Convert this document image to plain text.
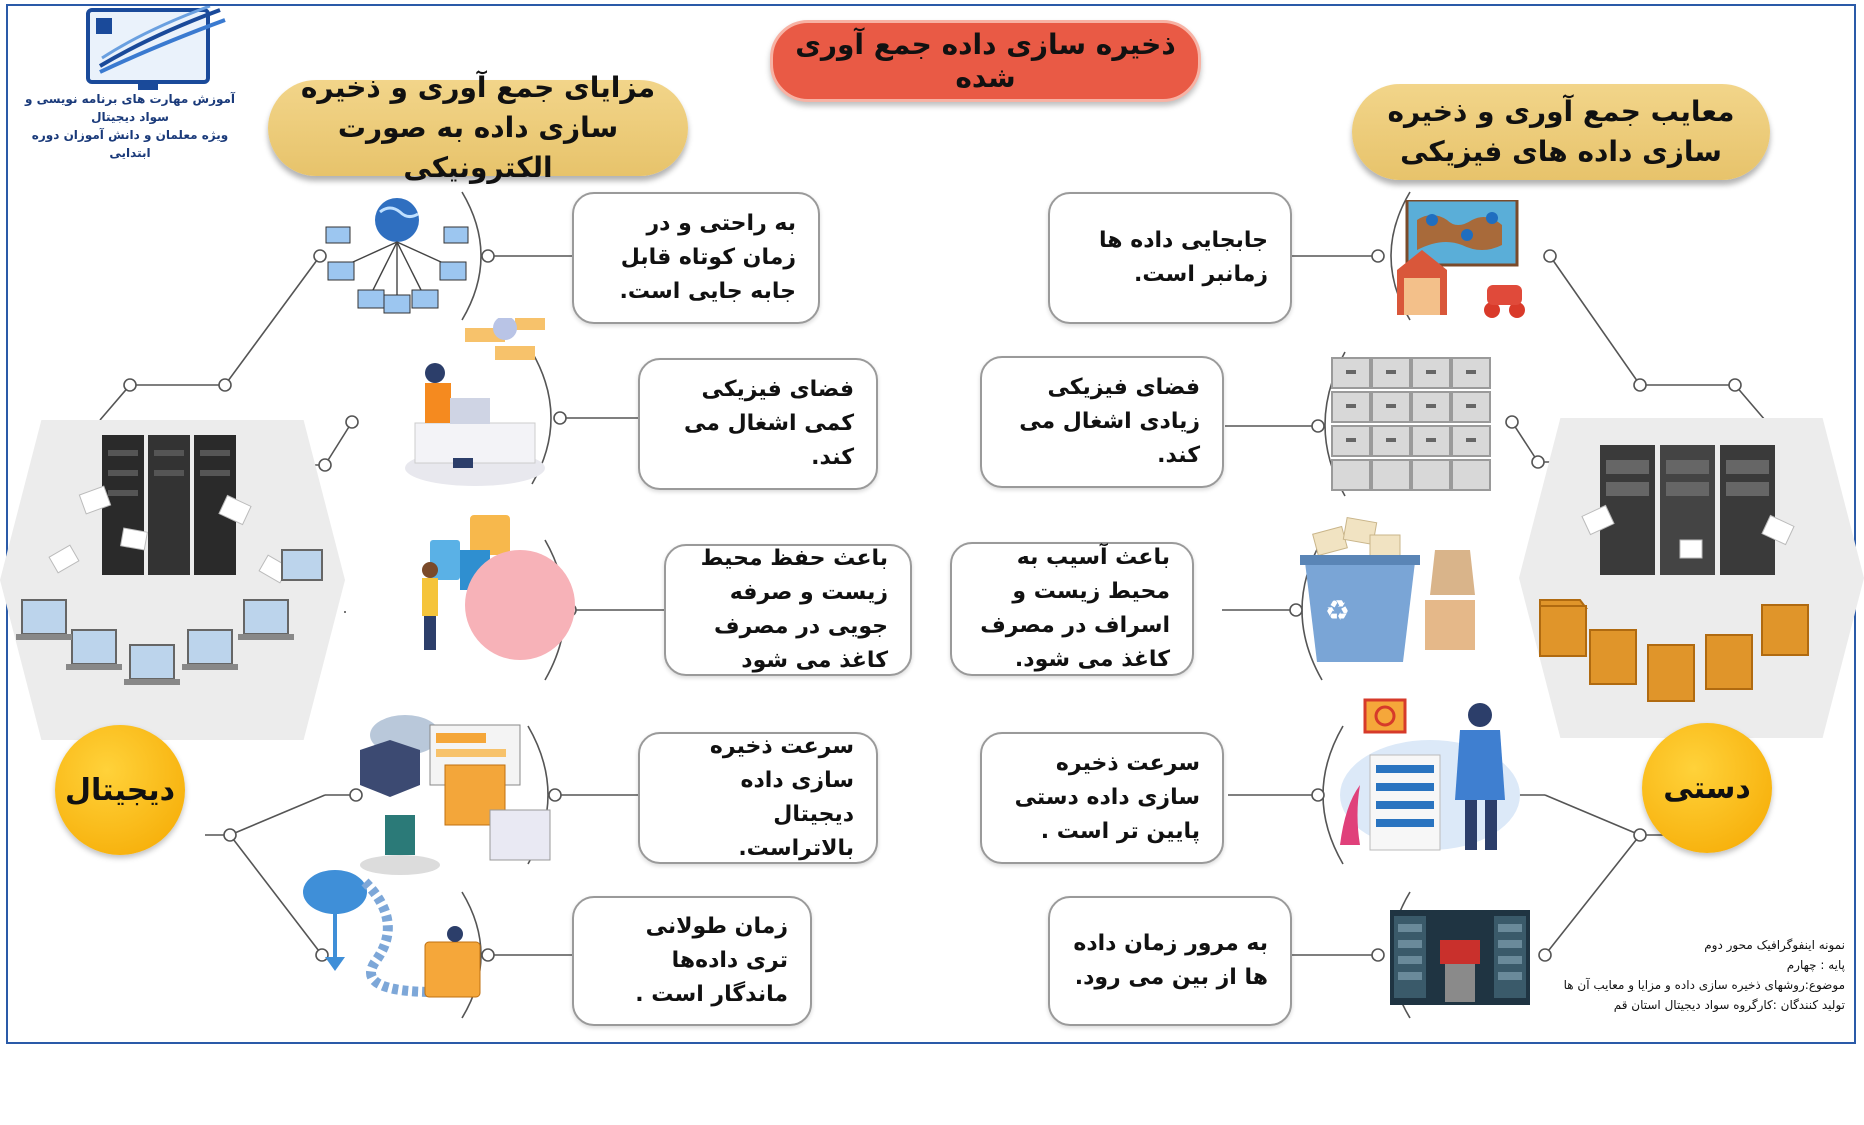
آموزش مهارت های برنامه نویسی و سواد دیجیتال
ویژه معلمان و دانش آموزان دوره ابتدایی
ذخیره سازی داده جمع آوری شده
مزایای جمع آوری و ذخیره سازی داده به صورت الکترونیکی
معایب جمع آوری و ذخیره سازی داده های فیزیکی
دیجیتال	دستی
♻
به راحتی و در زمان کوتاه قابل جابه جایی است.
فضای فیزیکی کمی اشغال می کند.
باعث حفظ محیط زیست و صرفه جویی در مصرف کاغذ می شود
سرعت ذخیره سازی داده دیجیتال بالاتراست.
زمان طولانی تری داده‌ها ماندگار است .
جابجایی داده ها زمانبر است.
فضای فیزیکی زیادی اشغال می کند.
باعث آسیب به محیط زیست و اسراف در مصرف کاغذ می شود.
سرعت ذخیره سازی داده دستی پایین تر است .
به مرور زمان داده ها از بین می رود.
نمونه اینفوگرافیک محور دوم
پایه : چهارم
موضوع:روشهای ذخیره سازی داده و مزایا و معایب آن ها
تولید کنندگان :کارگروه سواد دیجیتال استان قم
